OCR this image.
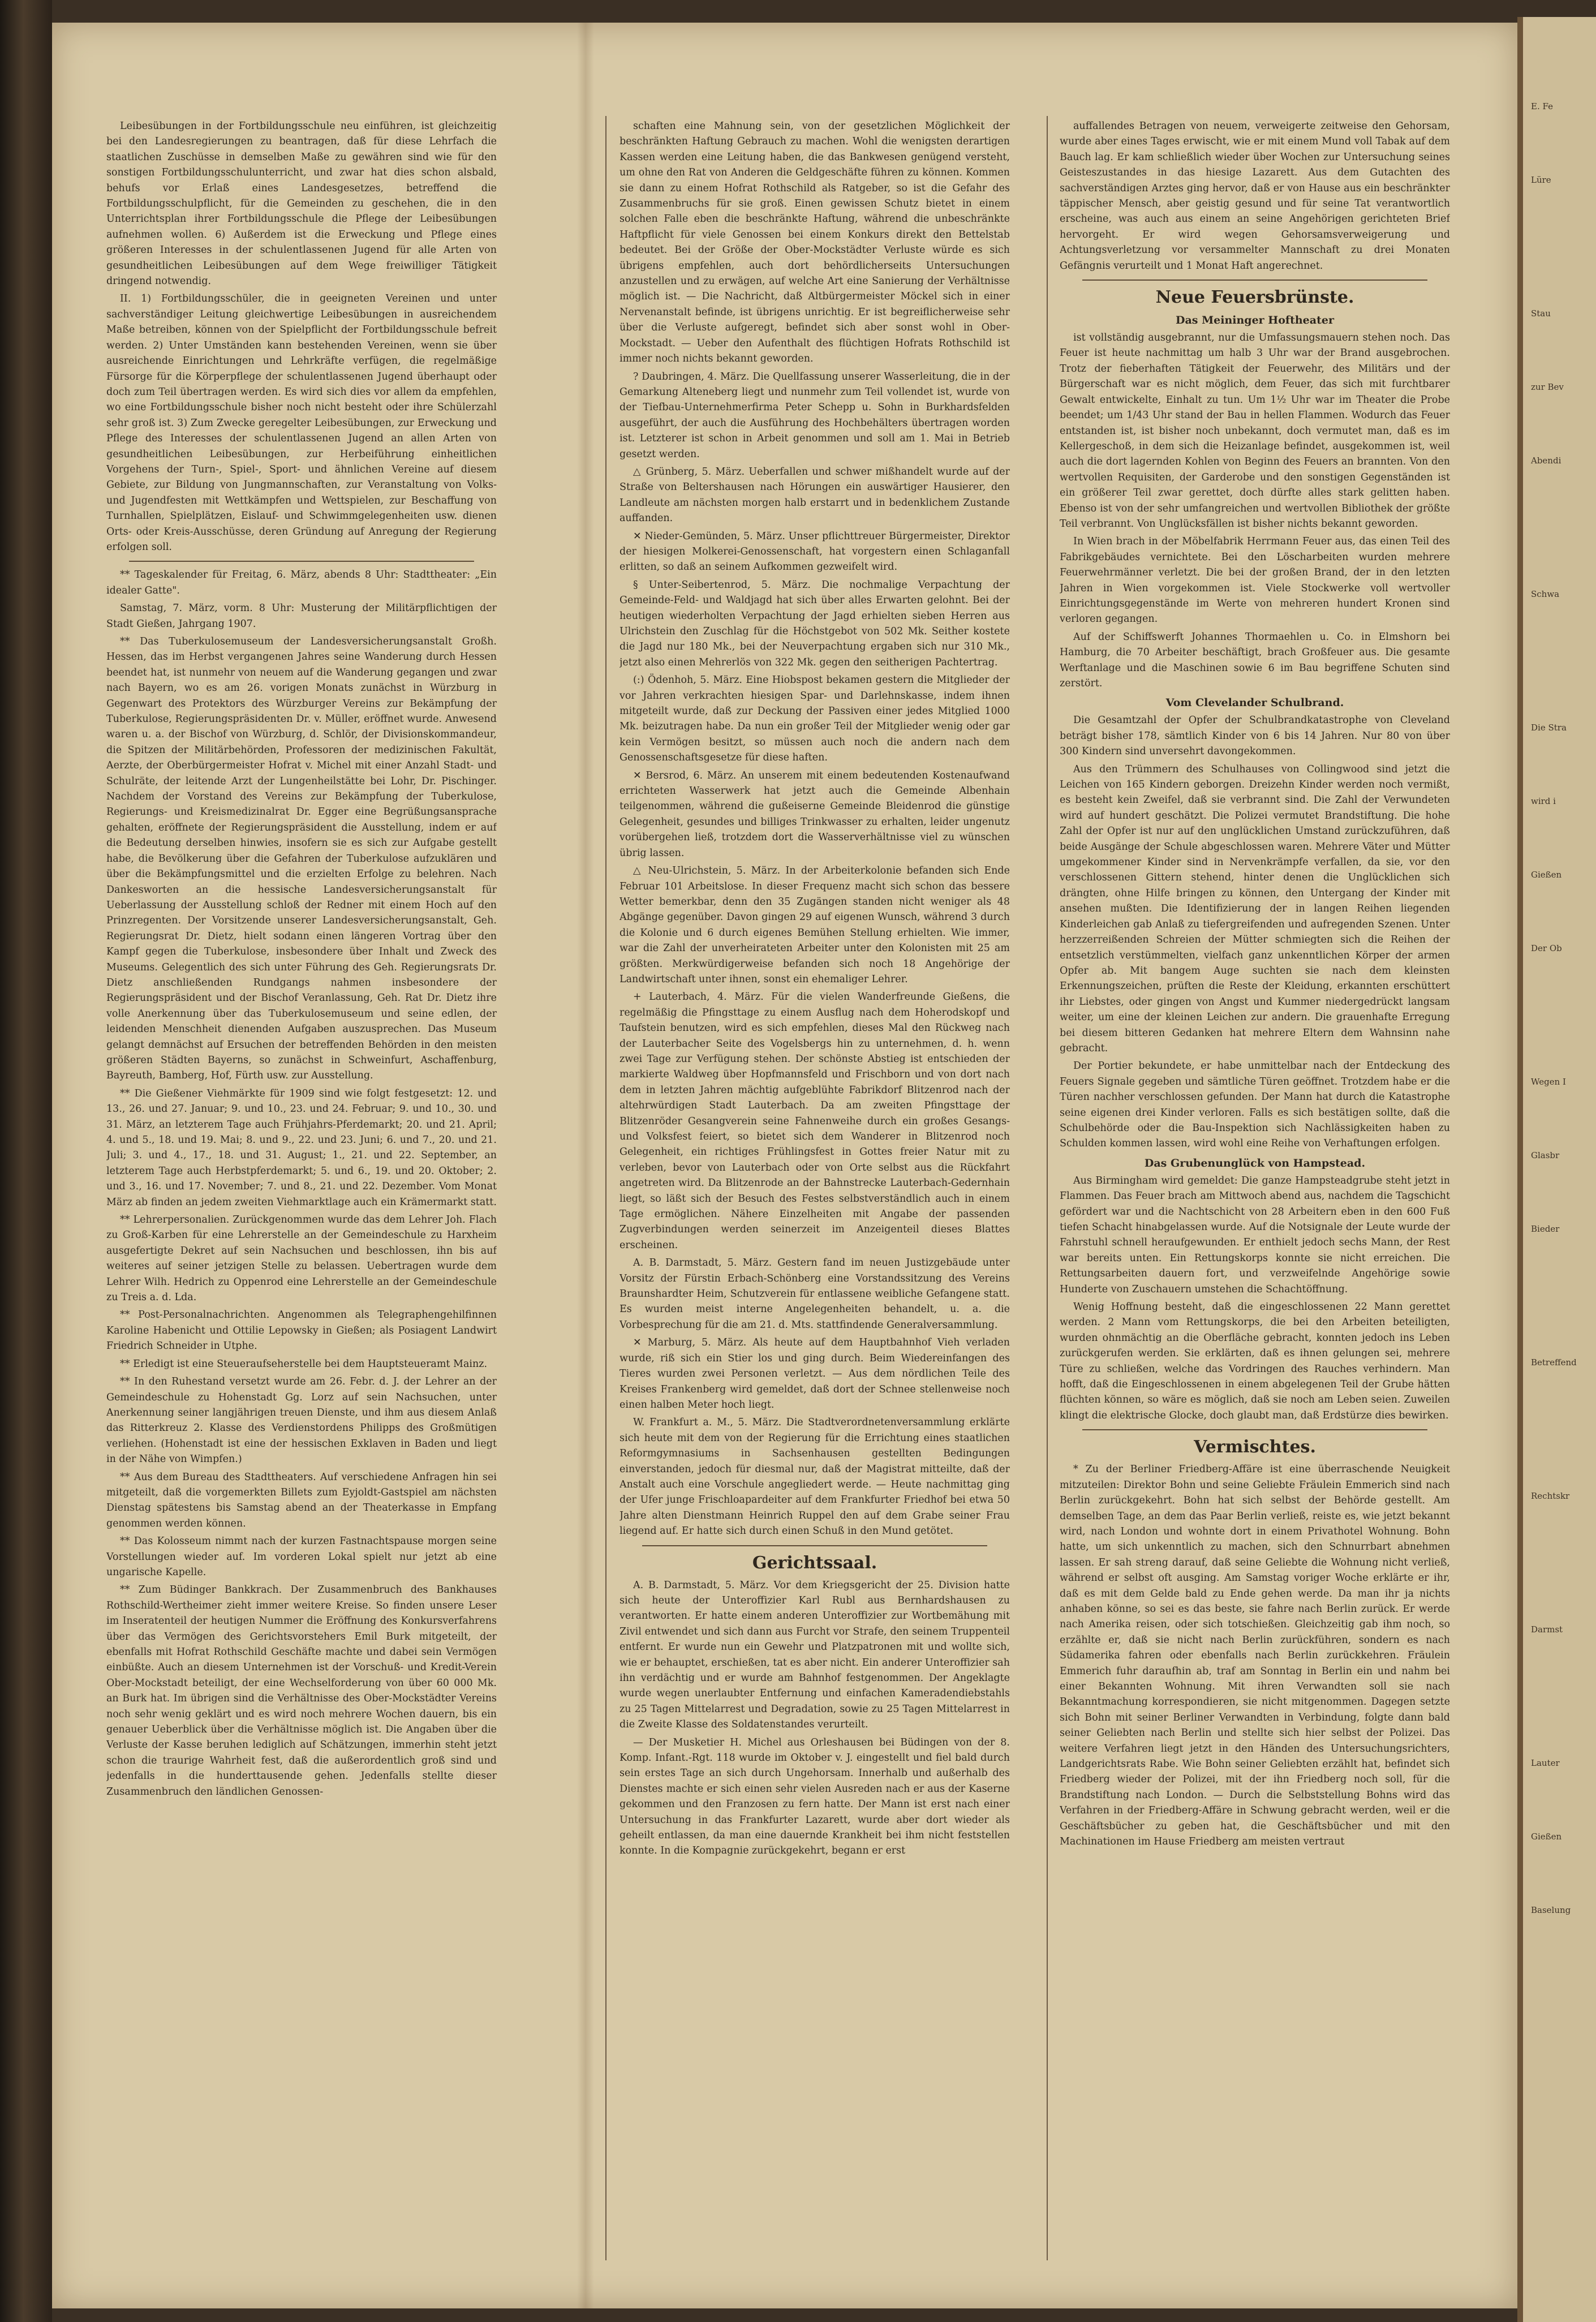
Leibesübungen in der Fortbildungsschule neu einführen, ist gleichzeitig bei den Landesregierungen zu beantragen, daß für diese Lehrfach die staatlichen Zuschüsse in demselben Maße zu gewähren sind wie für den sonstigen Fortbildungsschulunterricht, und zwar hat dies schon alsbald, behufs vor Erlaß eines Landesgesetzes, betreffend die Fortbildungsschulpflicht, für die Gemeinden zu geschehen, die in den Unterrichtsplan ihrer Fortbildungsschule die Pflege der Leibesübungen aufnehmen wollen. 6) Außerdem ist die Erweckung und Pflege eines größeren Interesses in der schulentlassenen Jugend für alle Arten von gesundheitlichen Leibesübungen auf dem Wege freiwilliger Tätigkeit dringend notwendig.

II. 1) Fortbildungsschüler, die in geeigneten Vereinen und unter sachverständiger Leitung gleichwertige Leibesübungen in ausreichendem Maße betreiben, können von der Spielpflicht der Fortbildungsschule befreit werden. 2) Unter Umständen kann bestehenden Vereinen, wenn sie über ausreichende Einrichtungen und Lehrkräfte verfügen, die regelmäßige Fürsorge für die Körperpflege der schulentlassenen Jugend überhaupt oder doch zum Teil übertragen werden. Es wird sich dies vor allem da empfehlen, wo eine Fortbildungsschule bisher noch nicht besteht oder ihre Schülerzahl sehr groß ist. 3) Zum Zwecke geregelter Leibesübungen, zur Erweckung und Pflege des Interesses der schulentlassenen Jugend an allen Arten von gesundheitlichen Leibesübungen, zur Herbeiführung einheitlichen Vorgehens der Turn-, Spiel-, Sport- und ähnlichen Vereine auf diesem Gebiete, zur Bildung von Jungmannschaften, zur Veranstaltung von Volks- und Jugendfesten mit Wettkämpfen und Wettspielen, zur Beschaffung von Turnhallen, Spielplätzen, Eislauf- und Schwimmgelegenheiten usw. dienen Orts- oder Kreis-Ausschüsse, deren Gründung auf Anregung der Regierung erfolgen soll.

** Tageskalender für Freitag, 6. März, abends 8 Uhr: Stadttheater: „Ein idealer Gatte".

Samstag, 7. März, vorm. 8 Uhr: Musterung der Militärpflichtigen der Stadt Gießen, Jahrgang 1907.

** Das Tuberkulosemuseum der Landesversicherungsanstalt Großh. Hessen, das im Herbst vergangenen Jahres seine Wanderung durch Hessen beendet hat, ist nunmehr von neuem auf die Wanderung gegangen und zwar nach Bayern, wo es am 26. vorigen Monats zunächst in Würzburg in Gegenwart des Protektors des Würzburger Vereins zur Bekämpfung der Tuberkulose, Regierungspräsidenten Dr. v. Müller, eröffnet wurde. Anwesend waren u. a. der Bischof von Würzburg, d. Schlör, der Divisionskommandeur, die Spitzen der Militärbehörden, Professoren der medizinischen Fakultät, Aerzte, der Oberbürgermeister Hofrat v. Michel mit einer Anzahl Stadt- und Schulräte, der leitende Arzt der Lungenheilstätte bei Lohr, Dr. Pischinger. Nachdem der Vorstand des Vereins zur Bekämpfung der Tuberkulose, Regierungs- und Kreismedizinalrat Dr. Egger eine Begrüßungsansprache gehalten, eröffnete der Regierungspräsident die Ausstellung, indem er auf die Bedeutung derselben hinwies, insofern sie es sich zur Aufgabe gestellt habe, die Bevölkerung über die Gefahren der Tuberkulose aufzuklären und über die Bekämpfungsmittel und die erzielten Erfolge zu belehren. Nach Dankesworten an die hessische Landesversicherungsanstalt für Ueberlassung der Ausstellung schloß der Redner mit einem Hoch auf den Prinzregenten. Der Vorsitzende unserer Landesversicherungsanstalt, Geh. Regierungsrat Dr. Dietz, hielt sodann einen längeren Vortrag über den Kampf gegen die Tuberkulose, insbesondere über Inhalt und Zweck des Museums. Gelegentlich des sich unter Führung des Geh. Regierungsrats Dr. Dietz anschließenden Rundgangs nahmen insbesondere der Regierungspräsident und der Bischof Veranlassung, Geh. Rat Dr. Dietz ihre volle Anerkennung über das Tuberkulosemuseum und seine edlen, der leidenden Menschheit dienenden Aufgaben auszusprechen. Das Museum gelangt demnächst auf Ersuchen der betreffenden Behörden in den meisten größeren Städten Bayerns, so zunächst in Schweinfurt, Aschaffenburg, Bayreuth, Bamberg, Hof, Fürth usw. zur Ausstellung.

** Die Gießener Viehmärkte für 1909 sind wie folgt festgesetzt: 12. und 13., 26. und 27. Januar; 9. und 10., 23. und 24. Februar; 9. und 10., 30. und 31. März, an letzterem Tage auch Frühjahrs-Pferdemarkt; 20. und 21. April; 4. und 5., 18. und 19. Mai; 8. und 9., 22. und 23. Juni; 6. und 7., 20. und 21. Juli; 3. und 4., 17., 18. und 31. August; 1., 21. und 22. September, an letzterem Tage auch Herbstpferdemarkt; 5. und 6., 19. und 20. Oktober; 2. und 3., 16. und 17. November; 7. und 8., 21. und 22. Dezember. Vom Monat März ab finden an jedem zweiten Viehmarktlage auch ein Krämermarkt statt.

** Lehrerpersonalien. Zurückgenommen wurde das dem Lehrer Joh. Flach zu Groß-Karben für eine Lehrerstelle an der Gemeindeschule zu Harxheim ausgefertigte Dekret auf sein Nachsuchen und beschlossen, ihn bis auf weiteres auf seiner jetzigen Stelle zu belassen. Uebertragen wurde dem Lehrer Wilh. Hedrich zu Oppenrod eine Lehrerstelle an der Gemeindeschule zu Treis a. d. Lda.

** Post-Personalnachrichten. Angenommen als Telegraphengehilfinnen Karoline Habenicht und Ottilie Lepowsky in Gießen; als Posiagent Landwirt Friedrich Schneider in Utphe.

** Erledigt ist eine Steueraufseherstelle bei dem Hauptsteueramt Mainz.

** In den Ruhestand versetzt wurde am 26. Febr. d. J. der Lehrer an der Gemeindeschule zu Hohenstadt Gg. Lorz auf sein Nachsuchen, unter Anerkennung seiner langjährigen treuen Dienste, und ihm aus diesem Anlaß das Ritterkreuz 2. Klasse des Verdienstordens Philipps des Großmütigen verliehen. (Hohenstadt ist eine der hessischen Exklaven in Baden und liegt in der Nähe von Wimpfen.)

** Aus dem Bureau des Stadttheaters. Auf verschiedene Anfragen hin sei mitgeteilt, daß die vorgemerkten Billets zum Eyjoldt-Gastspiel am nächsten Dienstag spätestens bis Samstag abend an der Theaterkasse in Empfang genommen werden können.

** Das Kolosseum nimmt nach der kurzen Fastnachtspause morgen seine Vorstellungen wieder auf. Im vorderen Lokal spielt nur jetzt ab eine ungarische Kapelle.

** Zum Büdinger Bankkrach. Der Zusammenbruch des Bankhauses Rothschild-Wertheimer zieht immer weitere Kreise. So finden unsere Leser im Inseratenteil der heutigen Nummer die Eröffnung des Konkursverfahrens über das Vermögen des Gerichtsvorstehers Emil Burk mitgeteilt, der ebenfalls mit Hofrat Rothschild Geschäfte machte und dabei sein Vermögen einbüßte. Auch an diesem Unternehmen ist der Vorschuß- und Kredit-Verein Ober-Mockstadt beteiligt, der eine Wechselforderung von über 60 000 Mk. an Burk hat. Im übrigen sind die Verhältnisse des Ober-Mockstädter Vereins noch sehr wenig geklärt und es wird noch mehrere Wochen dauern, bis ein genauer Ueberblick über die Verhältnisse möglich ist. Die Angaben über die Verluste der Kasse beruhen lediglich auf Schätzungen, immerhin steht jetzt schon die traurige Wahrheit fest, daß die außerordentlich groß sind und jedenfalls in die hunderttausende gehen. Jedenfalls stellte dieser Zusammenbruch den ländlichen Genossen-

schaften eine Mahnung sein, von der gesetzlichen Möglichkeit der beschränkten Haftung Gebrauch zu machen. Wohl die wenigsten derartigen Kassen werden eine Leitung haben, die das Bankwesen genügend versteht, um ohne den Rat von Anderen die Geldgeschäfte führen zu können. Kommen sie dann zu einem Hofrat Rothschild als Ratgeber, so ist die Gefahr des Zusammenbruchs für sie groß. Einen gewissen Schutz bietet in einem solchen Falle eben die beschränkte Haftung, während die unbeschränkte Haftpflicht für viele Genossen bei einem Konkurs direkt den Bettelstab bedeutet. Bei der Größe der Ober-Mockstädter Verluste würde es sich übrigens empfehlen, auch dort behördlicherseits Untersuchungen anzustellen und zu erwägen, auf welche Art eine Sanierung der Verhältnisse möglich ist. — Die Nachricht, daß Altbürgermeister Möckel sich in einer Nervenanstalt befinde, ist übrigens unrichtig. Er ist begreiflicherweise sehr über die Verluste aufgeregt, befindet sich aber sonst wohl in Ober-Mockstadt. — Ueber den Aufenthalt des flüchtigen Hofrats Rothschild ist immer noch nichts bekannt geworden.

? Daubringen, 4. März. Die Quellfassung unserer Wasserleitung, die in der Gemarkung Alteneberg liegt und nunmehr zum Teil vollendet ist, wurde von der Tiefbau-Unternehmerfirma Peter Schepp u. Sohn in Burkhardsfelden ausgeführt, der auch die Ausführung des Hochbehälters übertragen worden ist. Letzterer ist schon in Arbeit genommen und soll am 1. Mai in Betrieb gesetzt werden.

△ Grünberg, 5. März. Ueberfallen und schwer mißhandelt wurde auf der Straße von Beltershausen nach Hörungen ein auswärtiger Hausierer, den Landleute am nächsten morgen halb erstarrt und in bedenklichem Zustande auffanden.

✕ Nieder-Gemünden, 5. März. Unser pflichttreuer Bürgermeister, Direktor der hiesigen Molkerei-Genossenschaft, hat vorgestern einen Schlaganfall erlitten, so daß an seinem Aufkommen gezweifelt wird.

§ Unter-Seibertenrod, 5. März. Die nochmalige Verpachtung der Gemeinde-Feld- und Waldjagd hat sich über alles Erwarten gelohnt. Bei der heutigen wiederholten Verpachtung der Jagd erhielten sieben Herren aus Ulrichstein den Zuschlag für die Höchstgebot von 502 Mk. Seither kostete die Jagd nur 180 Mk., bei der Neuverpachtung ergaben sich nur 310 Mk., jetzt also einen Mehrerlös von 322 Mk. gegen den seitherigen Pachtertrag.

(:) Ödenhoh, 5. März. Eine Hiobspost bekamen gestern die Mitglieder der vor Jahren verkrachten hiesigen Spar- und Darlehnskasse, indem ihnen mitgeteilt wurde, daß zur Deckung der Passiven einer jedes Mitglied 1000 Mk. beizutragen habe. Da nun ein großer Teil der Mitglieder wenig oder gar kein Vermögen besitzt, so müssen auch noch die andern nach dem Genossenschaftsgesetze für diese haften.

✕ Bersrod, 6. März. An unserem mit einem bedeutenden Kostenaufwand errichteten Wasserwerk hat jetzt auch die Gemeinde Albenhain teilgenommen, während die gußeiserne Gemeinde Bleidenrod die günstige Gelegenheit, gesundes und billiges Trinkwasser zu erhalten, leider ungenutz vorübergehen ließ, trotzdem dort die Wasserverhältnisse viel zu wünschen übrig lassen.

△ Neu-Ulrichstein, 5. März. In der Arbeiterkolonie befanden sich Ende Februar 101 Arbeitslose. In dieser Frequenz macht sich schon das bessere Wetter bemerkbar, denn den 35 Zugängen standen nicht weniger als 48 Abgänge gegenüber. Davon gingen 29 auf eigenen Wunsch, während 3 durch die Kolonie und 6 durch eigenes Bemühen Stellung erhielten. Wie immer, war die Zahl der unverheirateten Arbeiter unter den Kolonisten mit 25 am größten. Merkwürdigerweise befanden sich noch 18 Angehörige der Landwirtschaft unter ihnen, sonst ein ehemaliger Lehrer.

+ Lauterbach, 4. März. Für die vielen Wanderfreunde Gießens, die regelmäßig die Pfingsttage zu einem Ausflug nach dem Hoherodskopf und Taufstein benutzen, wird es sich empfehlen, dieses Mal den Rückweg nach der Lauterbacher Seite des Vogelsbergs hin zu unternehmen, d. h. wenn zwei Tage zur Verfügung stehen. Der schönste Abstieg ist entschieden der markierte Waldweg über Hopfmannsfeld und Frischborn und von dort nach dem in letzten Jahren mächtig aufgeblühte Fabrikdorf Blitzenrod nach der altehrwürdigen Stadt Lauterbach. Da am zweiten Pfingsttage der Blitzenröder Gesangverein seine Fahnenweihe durch ein großes Gesangs- und Volksfest feiert, so bietet sich dem Wanderer in Blitzenrod noch Gelegenheit, ein richtiges Frühlingsfest in Gottes freier Natur mit zu verleben, bevor von Lauterbach oder von Orte selbst aus die Rückfahrt angetreten wird. Da Blitzenrode an der Bahnstrecke Lauterbach-Gedernhain liegt, so läßt sich der Besuch des Festes selbstverständlich auch in einem Tage ermöglichen. Nähere Einzelheiten mit Angabe der passenden Zugverbindungen werden seinerzeit im Anzeigenteil dieses Blattes erscheinen.

A. B. Darmstadt, 5. März. Gestern fand im neuen Justizgebäude unter Vorsitz der Fürstin Erbach-Schönberg eine Vorstandssitzung des Vereins Braunshardter Heim, Schutzverein für entlassene weibliche Gefangene statt. Es wurden meist interne Angelegenheiten behandelt, u. a. die Vorbesprechung für die am 21. d. Mts. stattfindende Generalversammlung.

✕ Marburg, 5. März. Als heute auf dem Hauptbahnhof Vieh verladen wurde, riß sich ein Stier los und ging durch. Beim Wiedereinfangen des Tieres wurden zwei Personen verletzt. — Aus dem nördlichen Teile des Kreises Frankenberg wird gemeldet, daß dort der Schnee stellenweise noch einen halben Meter hoch liegt.

W. Frankfurt a. M., 5. März. Die Stadtverordnetenversammlung erklärte sich heute mit dem von der Regierung für die Errichtung eines staatlichen Reformgymnasiums in Sachsenhausen gestellten Bedingungen einverstanden, jedoch für diesmal nur, daß der Magistrat mitteilte, daß der Anstalt auch eine Vorschule angegliedert werde. — Heute nachmittag ging der Ufer junge Frischloapardeiter auf dem Frankfurter Friedhof bei etwa 50 Jahre alten Dienstmann Heinrich Ruppel den auf dem Grabe seiner Frau liegend auf. Er hatte sich durch einen Schuß in den Mund getötet.

Gerichtssaal.

A. B. Darmstadt, 5. März. Vor dem Kriegsgericht der 25. Division hatte sich heute der Unteroffizier Karl Rubl aus Bernhardshausen zu verantworten. Er hatte einem anderen Unteroffizier zur Wortbemähung mit Zivil entwendet und sich dann aus Furcht vor Strafe, den seinem Truppenteil entfernt. Er wurde nun ein Gewehr und Platzpatronen mit und wollte sich, wie er behauptet, erschießen, tat es aber nicht. Ein anderer Unteroffizier sah ihn verdächtig und er wurde am Bahnhof festgenommen. Der Angeklagte wurde wegen unerlaubter Entfernung und einfachen Kameradendiebstahls zu 25 Tagen Mittelarrest und Degradation, sowie zu 25 Tagen Mittelarrest in die Zweite Klasse des Soldatenstandes verurteilt.

— Der Musketier H. Michel aus Orleshausen bei Büdingen von der 8. Komp. Infant.-Rgt. 118 wurde im Oktober v. J. eingestellt und fiel bald durch sein erstes Tage an sich durch Ungehorsam. Innerhalb und außerhalb des Dienstes machte er sich einen sehr vielen Ausreden nach er aus der Kaserne gekommen und den Franzosen zu fern hatte. Der Mann ist erst nach einer Untersuchung in das Frankfurter Lazarett, wurde aber dort wieder als geheilt entlassen, da man eine dauernde Krankheit bei ihm nicht feststellen konnte. In die Kompagnie zurückgekehrt, begann er erst

auffallendes Betragen von neuem, verweigerte zeitweise den Gehorsam, wurde aber eines Tages erwischt, wie er mit einem Mund voll Tabak auf dem Bauch lag. Er kam schließlich wieder über Wochen zur Untersuchung seines Geisteszustandes in das hiesige Lazarett. Aus dem Gutachten des sachverständigen Arztes ging hervor, daß er von Hause aus ein beschränkter täppischer Mensch, aber geistig gesund und für seine Tat verantwortlich erscheine, was auch aus einem an seine Angehörigen gerichteten Brief hervorgeht. Er wird wegen Gehorsamsverweigerung und Achtungsverletzung vor versammelter Mannschaft zu drei Monaten Gefängnis verurteilt und 1 Monat Haft angerechnet.

Neue Feuersbrünste.
Das Meininger Hoftheater

ist vollständig ausgebrannt, nur die Umfassungsmauern stehen noch. Das Feuer ist heute nachmittag um halb 3 Uhr war der Brand ausgebrochen. Trotz der fieberhaften Tätigkeit der Feuerwehr, des Militärs und der Bürgerschaft war es nicht möglich, dem Feuer, das sich mit furchtbarer Gewalt entwickelte, Einhalt zu tun. Um 1½ Uhr war im Theater die Probe beendet; um 1/43 Uhr stand der Bau in hellen Flammen. Wodurch das Feuer entstanden ist, ist bisher noch unbekannt, doch vermutet man, daß es im Kellergeschoß, in dem sich die Heizanlage befindet, ausgekommen ist, weil auch die dort lagernden Kohlen von Beginn des Feuers an brannten. Von den wertvollen Requisiten, der Garderobe und den sonstigen Gegenständen ist ein größerer Teil zwar gerettet, doch dürfte alles stark gelitten haben. Ebenso ist von der sehr umfangreichen und wertvollen Bibliothek der größte Teil verbrannt. Von Unglücksfällen ist bisher nichts bekannt geworden.

In Wien brach in der Möbelfabrik Herrmann Feuer aus, das einen Teil des Fabrikgebäudes vernichtete. Bei den Löscharbeiten wurden mehrere Feuerwehrmänner verletzt. Die bei der großen Brand, der in den letzten Jahren in Wien vorgekommen ist. Viele Stockwerke voll wertvoller Einrichtungsgegenstände im Werte von mehreren hundert Kronen sind verloren gegangen.

Auf der Schiffswerft Johannes Thormaehlen u. Co. in Elmshorn bei Hamburg, die 70 Arbeiter beschäftigt, brach Großfeuer aus. Die gesamte Werftanlage und die Maschinen sowie 6 im Bau begriffene Schuten sind zerstört.

Vom Clevelander Schulbrand.

Die Gesamtzahl der Opfer der Schulbrandkatastrophe von Cleveland beträgt bisher 178, sämtlich Kinder von 6 bis 14 Jahren. Nur 80 von über 300 Kindern sind unversehrt davongekommen.

Aus den Trümmern des Schulhauses von Collingwood sind jetzt die Leichen von 165 Kindern geborgen. Dreizehn Kinder werden noch vermißt, es besteht kein Zweifel, daß sie verbrannt sind. Die Zahl der Verwundeten wird auf hundert geschätzt. Die Polizei vermutet Brandstiftung. Die hohe Zahl der Opfer ist nur auf den unglücklichen Umstand zurückzuführen, daß beide Ausgänge der Schule abgeschlossen waren. Mehrere Väter und Mütter umgekommener Kinder sind in Nervenkrämpfe verfallen, da sie, vor den verschlossenen Gittern stehend, hinter denen die Unglücklichen sich drängten, ohne Hilfe bringen zu können, den Untergang der Kinder mit ansehen mußten. Die Identifizierung der in langen Reihen liegenden Kinderleichen gab Anlaß zu tiefergreifenden und aufregenden Szenen. Unter herzzerreißenden Schreien der Mütter schmiegten sich die Reihen der entsetzlich verstümmelten, vielfach ganz unkenntlichen Körper der armen Opfer ab. Mit bangem Auge suchten sie nach dem kleinsten Erkennungszeichen, prüften die Reste der Kleidung, erkannten erschüttert ihr Liebstes, oder gingen von Angst und Kummer niedergedrückt langsam weiter, um eine der kleinen Leichen zur andern. Die grauenhafte Erregung bei diesem bitteren Gedanken hat mehrere Eltern dem Wahnsinn nahe gebracht.

Der Portier bekundete, er habe unmittelbar nach der Entdeckung des Feuers Signale gegeben und sämtliche Türen geöffnet. Trotzdem habe er die Türen nachher verschlossen gefunden. Der Mann hat durch die Katastrophe seine eigenen drei Kinder verloren. Falls es sich bestätigen sollte, daß die Schulbehörde oder die Bau-Inspektion sich Nachlässigkeiten haben zu Schulden kommen lassen, wird wohl eine Reihe von Verhaftungen erfolgen.

Das Grubenunglück von Hampstead.

Aus Birmingham wird gemeldet: Die ganze Hampsteadgrube steht jetzt in Flammen. Das Feuer brach am Mittwoch abend aus, nachdem die Tagschicht gefördert war und die Nachtschicht von 28 Arbeitern eben in den 600 Fuß tiefen Schacht hinabgelassen wurde. Auf die Notsignale der Leute wurde der Fahrstuhl schnell heraufgewunden. Er enthielt jedoch sechs Mann, der Rest war bereits unten. Ein Rettungskorps konnte sie nicht erreichen. Die Rettungsarbeiten dauern fort, und verzweifelnde Angehörige sowie Hunderte von Zuschauern umstehen die Schachtöffnung.

Wenig Hoffnung besteht, daß die eingeschlossenen 22 Mann gerettet werden. 2 Mann vom Rettungskorps, die bei den Arbeiten beteiligten, wurden ohnmächtig an die Oberfläche gebracht, konnten jedoch ins Leben zurückgerufen werden. Sie erklärten, daß es ihnen gelungen sei, mehrere Türe zu schließen, welche das Vordringen des Rauches verhindern. Man hofft, daß die Eingeschlossenen in einem abgelegenen Teil der Grube hätten flüchten können, so wäre es möglich, daß sie noch am Leben seien. Zuweilen klingt die elektrische Glocke, doch glaubt man, daß Erdstürze dies bewirken.

Vermischtes.

* Zu der Berliner Friedberg-Affäre ist eine überraschende Neuigkeit mitzuteilen: Direktor Bohn und seine Geliebte Fräulein Emmerich sind nach Berlin zurückgekehrt. Bohn hat sich selbst der Behörde gestellt. Am demselben Tage, an dem das Paar Berlin verließ, reiste es, wie jetzt bekannt wird, nach London und wohnte dort in einem Privathotel Wohnung. Bohn hatte, um sich unkenntlich zu machen, sich den Schnurrbart abnehmen lassen. Er sah streng darauf, daß seine Geliebte die Wohnung nicht verließ, während er selbst oft ausging. Am Samstag voriger Woche erklärte er ihr, daß es mit dem Gelde bald zu Ende gehen werde. Da man ihr ja nichts anhaben könne, so sei es das beste, sie fahre nach Berlin zurück. Er werde nach Amerika reisen, oder sich totschießen. Gleichzeitig gab ihm noch, so erzählte er, daß sie nicht nach Berlin zurückführen, sondern es nach Südamerika fahren oder ebenfalls nach Berlin zurückkehren. Fräulein Emmerich fuhr daraufhin ab, traf am Sonntag in Berlin ein und nahm bei einer Bekannten Wohnung. Mit ihren Verwandten soll sie nach Bekanntmachung korrespondieren, sie nicht mitgenommen. Dagegen setzte sich Bohn mit seiner Berliner Verwandten in Verbindung, folgte dann bald seiner Geliebten nach Berlin und stellte sich hier selbst der Polizei. Das weitere Verfahren liegt jetzt in den Händen des Untersuchungsrichters, Landgerichtsrats Rabe. Wie Bohn seiner Geliebten erzählt hat, befindet sich Friedberg wieder der Polizei, mit der ihn Friedberg noch soll, für die Brandstiftung nach London. — Durch die Selbststellung Bohns wird das Verfahren in der Friedberg-Affäre in Schwung gebracht werden, weil er die Geschäftsbücher zu geben hat, die Geschäftsbücher und mit den Machinationen im Hause Friedberg am meisten vertraut

E. Fe
Lüre
Stau
zur Bev
Abendi
Schwa
Die Stra
wird i
Gießen
Der Ob
Wegen I
Glasbr
Bieder
Betreffend
Rechtskr
Darmst
Lauter
Gießen
Baselung
